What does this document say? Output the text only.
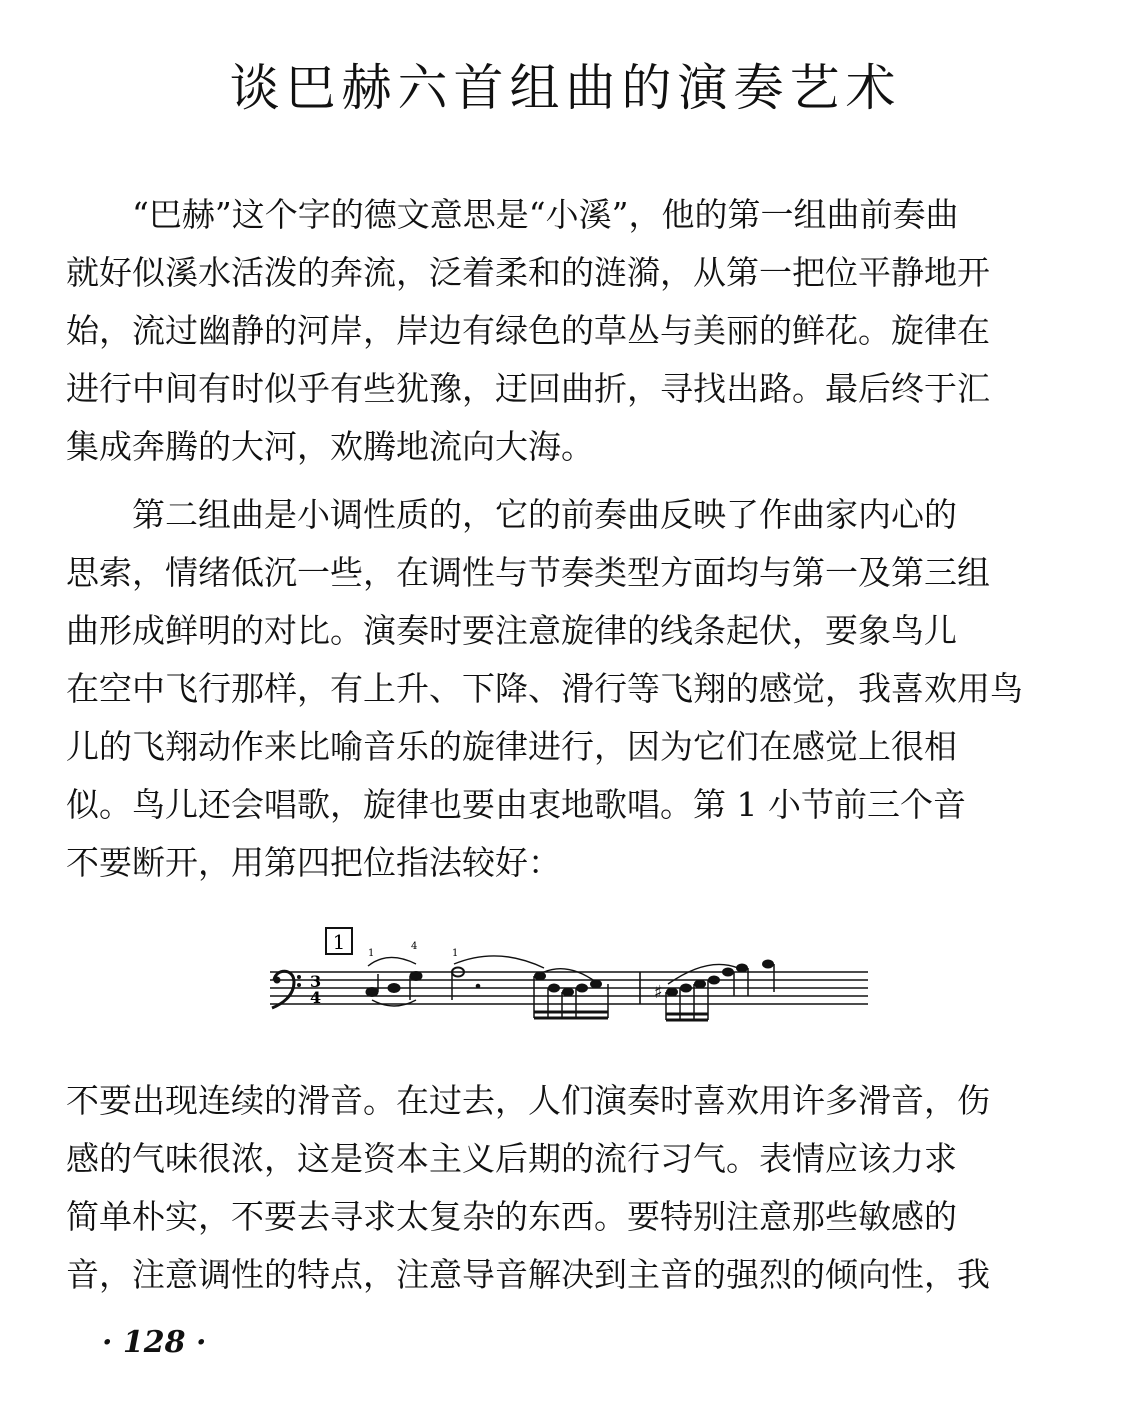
谈巴赫六首组曲的演奏艺术
“巴赫”这个字的德文意思是“小溪”，他的第一组曲前奏曲
就好似溪水活泼的奔流，泛着柔和的涟漪，从第一把位平静地开
始，流过幽静的河岸，岸边有绿色的草丛与美丽的鲜花。旋律在
进行中间有时似乎有些犹豫，迂回曲折，寻找出路。最后终于汇
集成奔腾的大河，欢腾地流向大海。
第二组曲是小调性质的，它的前奏曲反映了作曲家内心的
思索，情绪低沉一些，在调性与节奏类型方面均与第一及第三组
曲形成鲜明的对比。演奏时要注意旋律的线条起伏，要象鸟儿
在空中飞行那样，有上升、下降、滑行等飞翔的感觉，我喜欢用鸟
儿的飞翔动作来比喻音乐的旋律进行，因为它们在感觉上很相
似。鸟儿还会唱歌，旋律也要由衷地歌唱。第 1 小节前三个音
不要断开，用第四把位指法较好：
1
3
4
1
4
1
♯
不要出现连续的滑音。在过去，人们演奏时喜欢用许多滑音，伤
感的气味很浓，这是资本主义后期的流行习气。表情应该力求
简单朴实，不要去寻求太复杂的东西。要特别注意那些敏感的
音，注意调性的特点，注意导音解决到主音的强烈的倾向性，我
· 128 ·
